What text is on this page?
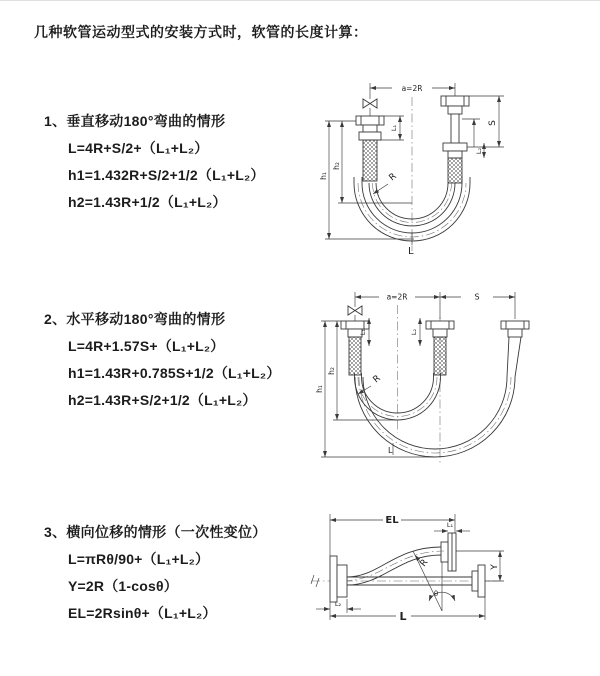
几种软管运动型式的安装方式时，软管的长度计算：
1、垂直移动180°弯曲的情形
L=4R+S/2+（L₁+L₂）
h1=1.432R+S/2+1/2（L₁+L₂）
h2=1.43R+1/2（L₁+L₂）
2、水平移动180°弯曲的情形
L=4R+1.57S+（L₁+L₂）
h1=1.43R+0.785S+1/2（L₁+L₂）
h2=1.43R+S/2+1/2（L₁+L₂）
3、横向位移的情形（一次性变位）
L=πRθ/90+（L₁+L₂）
Y=2R（1-cosθ）
EL=2Rsinθ+（L₁+L₂）
a=2R
h₁
h₂
L₁
S
L₂
R
L
a=2R	S
h₁
h₂
L₁	L₂
R
L
EL	L₁
θ
R	Y
L
L₂
